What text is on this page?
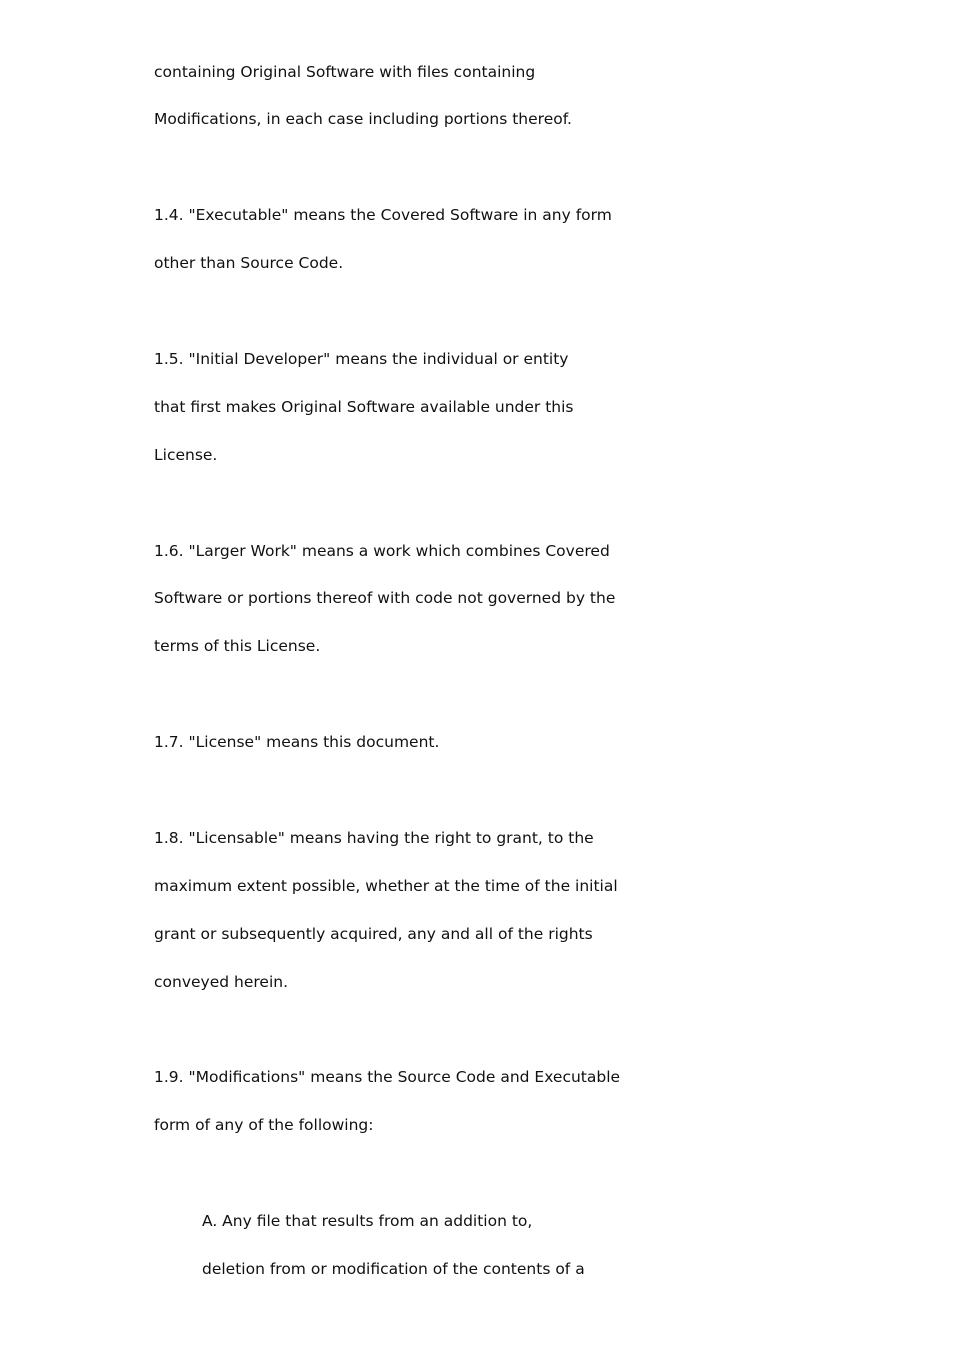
containing Original Software with files containing
Modifications, in each case including portions thereof.
1.4. "Executable" means the Covered Software in any form
other than Source Code.
1.5. "Initial Developer" means the individual or entity
that first makes Original Software available under this
License.
1.6. "Larger Work" means a work which combines Covered
Software or portions thereof with code not governed by the
terms of this License.
1.7. "License" means this document.
1.8. "Licensable" means having the right to grant, to the
maximum extent possible, whether at the time of the initial
grant or subsequently acquired, any and all of the rights
conveyed herein.
1.9. "Modifications" means the Source Code and Executable
form of any of the following:
A. Any file that results from an addition to,
deletion from or modification of the contents of a
